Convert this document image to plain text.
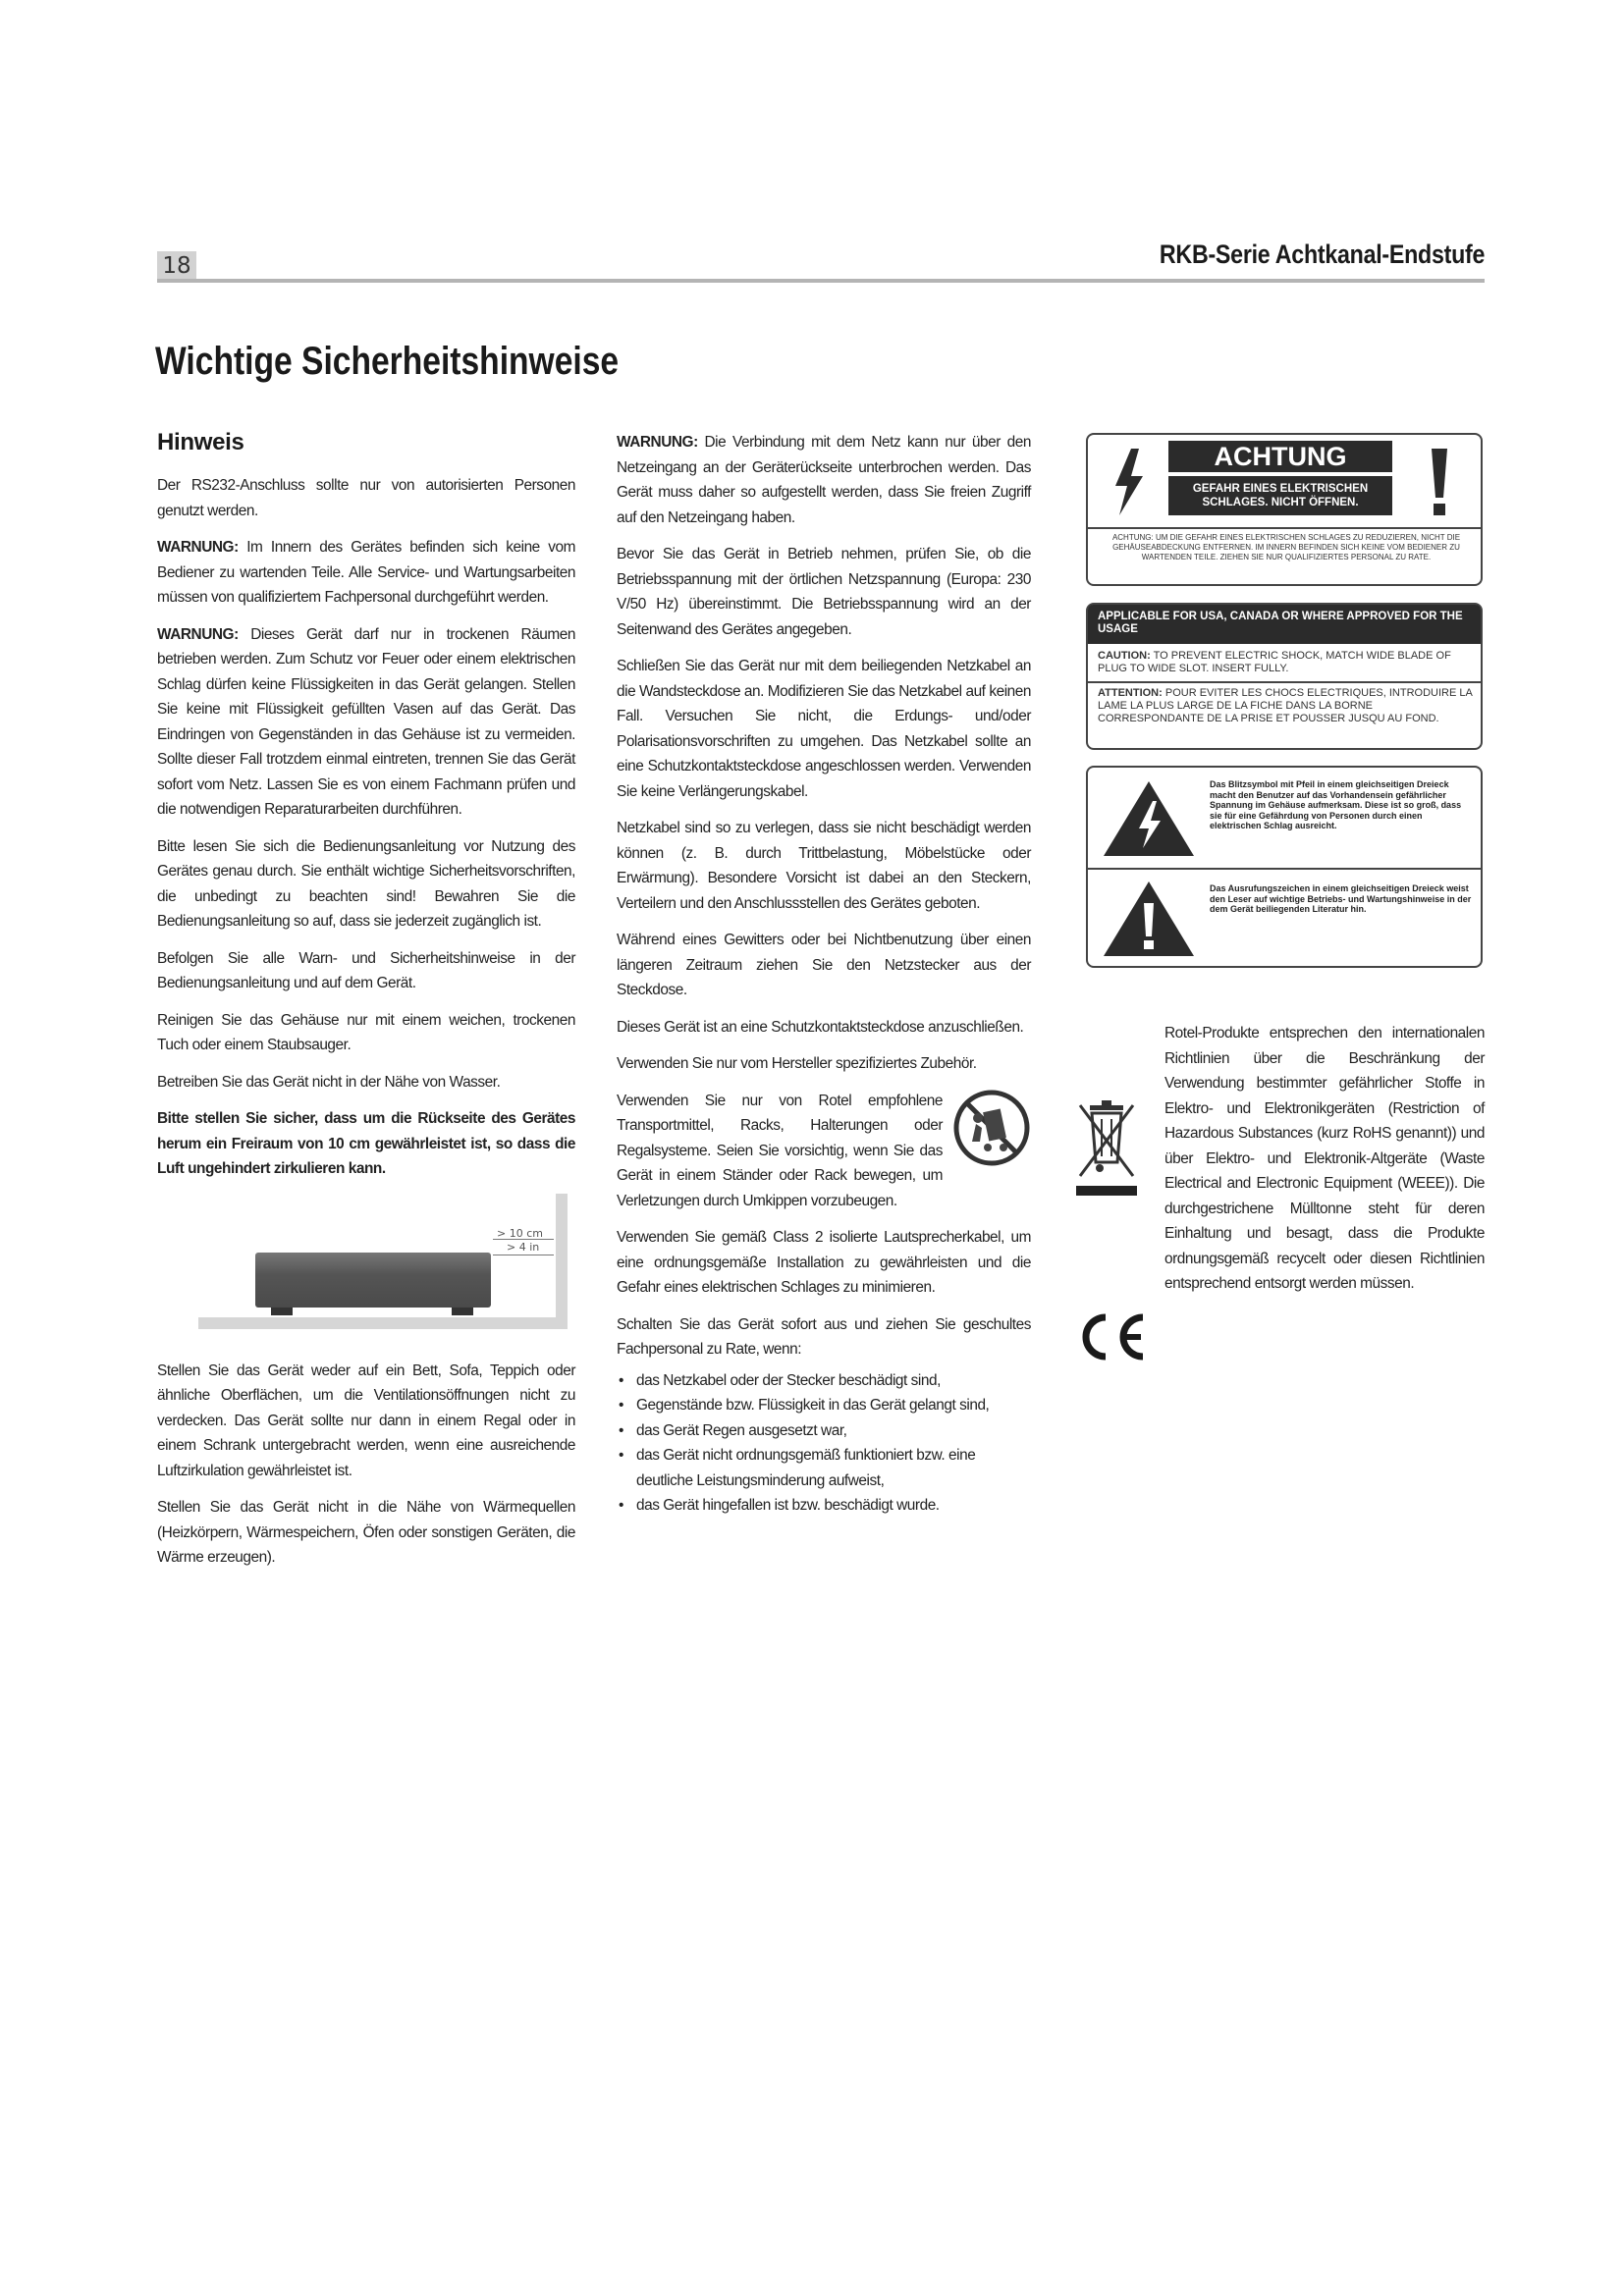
18	RKB-Serie Achtkanal-Endstufe
Wichtige Sicherheitshinweise
Hinweis

Der RS232-Anschluss sollte nur von autorisierten Personen genutzt werden.

WARNUNG: Im Innern des Gerätes befinden sich keine vom Bediener zu wartenden Teile. Alle Service- und Wartungsarbeiten müssen von qualifiziertem Fachpersonal durchgeführt werden.

WARNUNG: Dieses Gerät darf nur in trockenen Räumen betrieben werden. Zum Schutz vor Feuer oder einem elektrischen Schlag dürfen keine Flüssigkeiten in das Gerät gelangen. Stellen Sie keine mit Flüssigkeit gefüllten Vasen auf das Gerät. Das Eindringen von Gegenständen in das Gehäuse ist zu vermeiden. Sollte dieser Fall trotzdem einmal eintreten, trennen Sie das Gerät sofort vom Netz. Lassen Sie es von einem Fachmann prüfen und die notwendigen Reparaturarbeiten durchführen.

Bitte lesen Sie sich die Bedienungsanleitung vor Nutzung des Gerätes genau durch. Sie enthält wichtige Sicherheitsvorschriften, die unbedingt zu beachten sind! Bewahren Sie die Bedienungsanleitung so auf, dass sie jederzeit zugänglich ist.

Befolgen Sie alle Warn- und Sicherheitshinweise in der Bedienungsanleitung und auf dem Gerät.

Reinigen Sie das Gehäuse nur mit einem weichen, trockenen Tuch oder einem Staubsauger.

Betreiben Sie das Gerät nicht in der Nähe von Wasser.

Bitte stellen Sie sicher, dass um die Rückseite des Gerätes herum ein Freiraum von 10 cm gewährleistet ist, so dass die Luft ungehindert zirkulieren kann.

> 10 cm
> 4 in

Stellen Sie das Gerät weder auf ein Bett, Sofa, Teppich oder ähnliche Oberflächen, um die Ventilationsöffnungen nicht zu verdecken. Das Gerät sollte nur dann in einem Regal oder in einem Schrank untergebracht werden, wenn eine ausreichende Luftzirkulation gewährleistet ist.

Stellen Sie das Gerät nicht in die Nähe von Wärmequellen (Heizkörpern, Wärmespeichern, Öfen oder sonstigen Geräten, die Wärme erzeugen).

WARNUNG: Die Verbindung mit dem Netz kann nur über den Netzeingang an der Geräterückseite unterbrochen werden. Das Gerät muss daher so aufgestellt werden, dass Sie freien Zugriff auf den Netzeingang haben.

Bevor Sie das Gerät in Betrieb nehmen, prüfen Sie, ob die Betriebsspannung mit der örtlichen Netzspannung (Europa: 230 V/50 Hz) übereinstimmt. Die Betriebsspannung wird an der Seitenwand des Gerätes angegeben.

Schließen Sie das Gerät nur mit dem beiliegenden Netzkabel an die Wandsteckdose an. Modifizieren Sie das Netzkabel auf keinen Fall. Versuchen Sie nicht, die Erdungs- und/oder Polarisationsvorschriften zu umgehen. Das Netzkabel sollte an eine Schutzkontaktsteckdose angeschlossen werden. Verwenden Sie keine Verlängerungskabel.

Netzkabel sind so zu verlegen, dass sie nicht beschädigt werden können (z. B. durch Trittbelastung, Möbelstücke oder Erwärmung). Besondere Vorsicht ist dabei an den Steckern, Verteilern und den Anschlussstellen des Gerätes geboten.

Während eines Gewitters oder bei Nichtbenutzung über einen längeren Zeitraum ziehen Sie den Netzstecker aus der Steckdose.

Dieses Gerät ist an eine Schutzkontaktsteckdose anzuschließen.

Verwenden Sie nur vom Hersteller spezifiziertes Zubehör.

Verwenden Sie nur von Rotel empfohlene Transportmittel, Racks, Halterungen oder Regalsysteme. Seien Sie vorsichtig, wenn Sie das Gerät in einem Ständer oder Rack bewegen, um Verletzungen durch Umkippen vorzubeugen.

Verwenden Sie gemäß Class 2 isolierte Lautsprecherkabel, um eine ordnungsgemäße Installation zu gewährleisten und die Gefahr eines elektrischen Schlages zu minimieren.

Schalten Sie das Gerät sofort aus und ziehen Sie geschultes Fachpersonal zu Rate, wenn:

• das Netzkabel oder der Stecker beschädigt sind,
• Gegenstände bzw. Flüssigkeit in das Gerät gelangt sind,
• das Gerät Regen ausgesetzt war,
• das Gerät nicht ordnungsgemäß funktioniert bzw. eine deutliche Leistungsminderung aufweist,
• das Gerät hingefallen ist bzw. beschädigt wurde.
ACHTUNG
GEFAHR EINES ELEKTRISCHEN SCHLAGES. NICHT ÖFFNEN.
ACHTUNG: UM DIE GEFAHR EINES ELEKTRISCHEN SCHLAGES ZU REDUZIEREN, NICHT DIE GEHÄUSEABDECKUNG ENTFERNEN. IM INNERN BEFINDEN SICH KEINE VOM BEDIENER ZU WARTENDEN TEILE. ZIEHEN SIE NUR QUALIFIZIERTES PERSONAL ZU RATE.
APPLICABLE FOR USA, CANADA OR WHERE APPROVED FOR THE USAGE
CAUTION: TO PREVENT ELECTRIC SHOCK, MATCH WIDE BLADE OF PLUG TO WIDE SLOT. INSERT FULLY.
ATTENTION: POUR EVITER LES CHOCS ELECTRIQUES, INTRODUIRE LA LAME LA PLUS LARGE DE LA FICHE DANS LA BORNE CORRESPONDANTE DE LA PRISE ET POUSSER JUSQU AU FOND.
Das Blitzsymbol mit Pfeil in einem gleichseitigen Dreieck macht den Benutzer auf das Vorhandensein gefährlicher Spannung im Gehäuse aufmerksam. Diese ist so groß, dass sie für eine Gefährdung von Personen durch einen elektrischen Schlag ausreicht.
Das Ausrufungszeichen in einem gleichseitigen Dreieck weist den Leser auf wichtige Betriebs- und Wartungshinweise in der dem Gerät beiliegenden Literatur hin.

Rotel-Produkte entsprechen den internationalen Richtlinien über die Beschränkung der Verwendung bestimmter gefährlicher Stoffe in Elektro- und Elektronikgeräten (Restriction of Hazardous Substances (kurz RoHS genannt)) und über Elektro- und Elektronik-Altgeräte (Waste Electrical and Electronic Equipment (WEEE)). Die durchgestrichene Mülltonne steht für deren Einhaltung und besagt, dass die Produkte ordnungsgemäß recycelt oder diesen Richtlinien entsprechend entsorgt werden müssen.
